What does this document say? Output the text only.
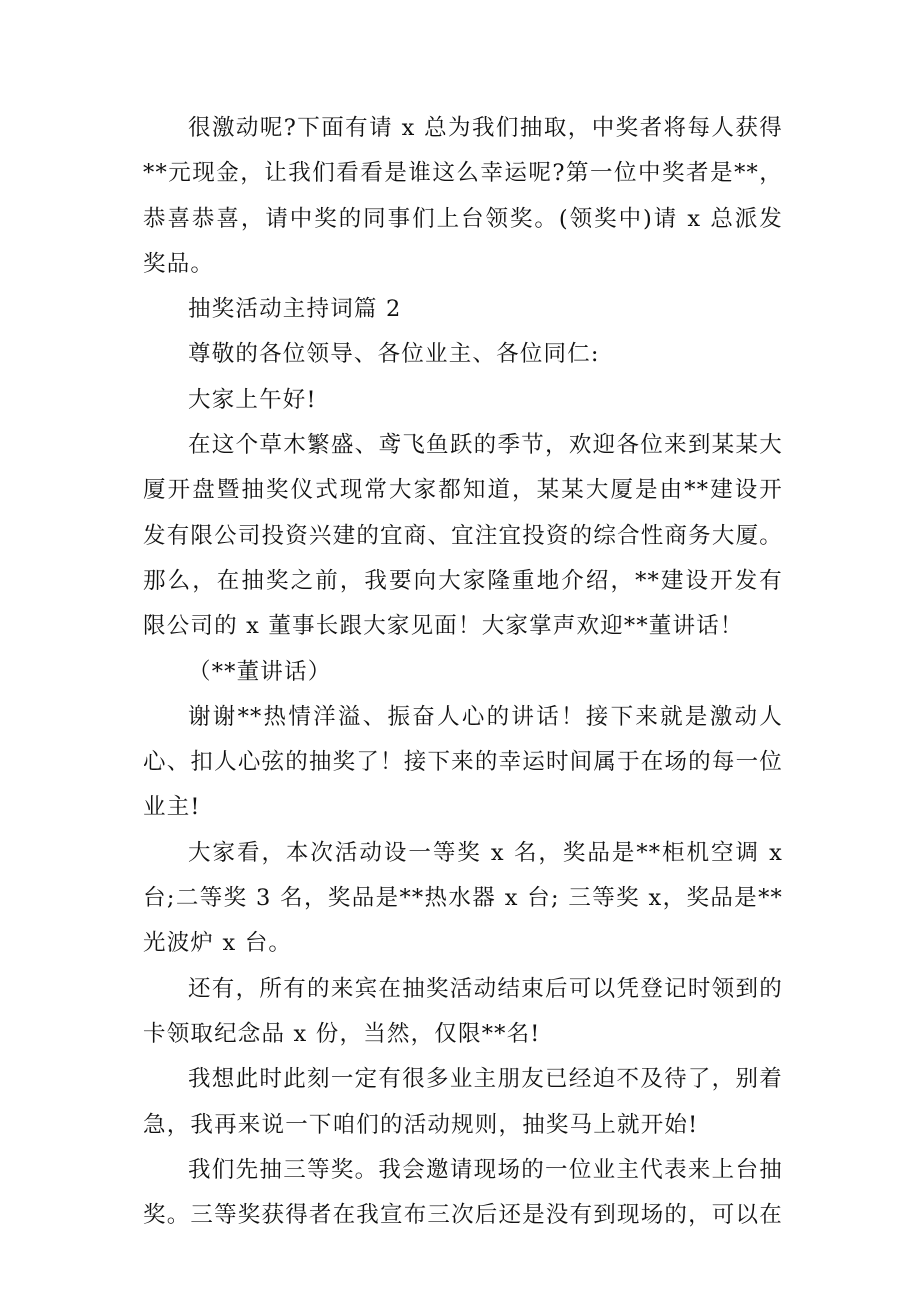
很激动呢?下面有请 x 总为我们抽取，中奖者将每人获得**元现金，让我们看看是谁这么幸运呢?第一位中奖者是**，恭喜恭喜，请中奖的同事们上台领奖。(领奖中)请 x 总派发奖品。

抽奖活动主持词篇 2

尊敬的各位领导、各位业主、各位同仁:

大家上午好!

在这个草木繁盛、鸢飞鱼跃的季节，欢迎各位来到某某大厦开盘暨抽奖仪式现常大家都知道，某某大厦是由**建设开发有限公司投资兴建的宜商、宜注宜投资的综合性商务大厦。那么，在抽奖之前，我要向大家隆重地介绍，**建设开发有限公司的 x 董事长跟大家见面！大家掌声欢迎**董讲话！

（**董讲话）

谢谢**热情洋溢、振奋人心的讲话！接下来就是激动人心、扣人心弦的抽奖了！接下来的幸运时间属于在场的每一位业主!

大家看，本次活动设一等奖 x 名，奖品是**柜机空调 x 台;二等奖 3 名，奖品是**热水器 x 台; 三等奖 x，奖品是**光波炉 x 台。

还有，所有的来宾在抽奖活动结束后可以凭登记时领到的卡领取纪念品 x 份，当然，仅限**名!

我想此时此刻一定有很多业主朋友已经迫不及待了，别着急，我再来说一下咱们的活动规则，抽奖马上就开始!

我们先抽三等奖。我会邀请现场的一位业主代表来上台抽奖。三等奖获得者在我宣布三次后还是没有到现场的，可以在
